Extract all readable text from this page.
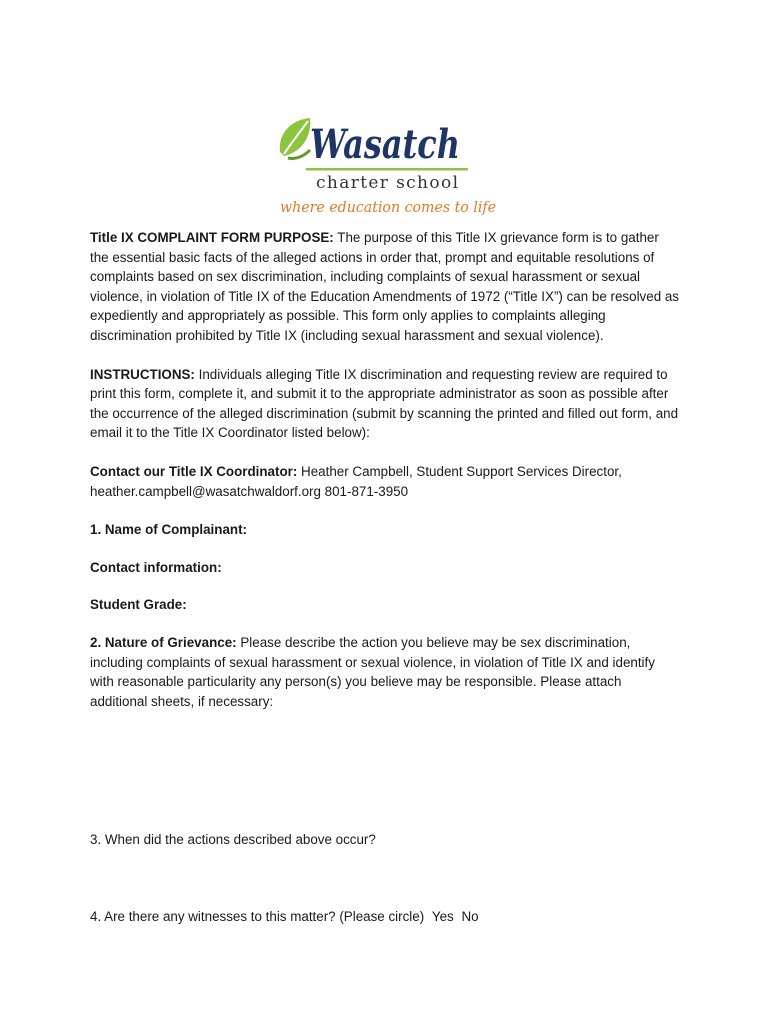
Wasatch
charter school
where education comes to life

Title IX COMPLAINT FORM PURPOSE: The purpose of this Title IX grievance form is to gather the essential basic facts of the alleged actions in order that, prompt and equitable resolutions of complaints based on sex discrimination, including complaints of sexual harassment or sexual violence, in violation of Title IX of the Education Amendments of 1972 (“Title IX”) can be resolved as expediently and appropriately as possible. This form only applies to complaints alleging discrimination prohibited by Title IX (including sexual harassment and sexual violence).

INSTRUCTIONS: Individuals alleging Title IX discrimination and requesting review are required to print this form, complete it, and submit it to the appropriate administrator as soon as possible after the occurrence of the alleged discrimination (submit by scanning the printed and filled out form, and email it to the Title IX Coordinator listed below):

Contact our Title IX Coordinator: Heather Campbell, Student Support Services Director,
heather.campbell@wasatchwaldorf.org 801-871-3950

1. Name of Complainant:

Contact information:

Student Grade:

2. Nature of Grievance: Please describe the action you believe may be sex discrimination, including complaints of sexual harassment or sexual violence, in violation of Title IX and identify with reasonable particularity any person(s) you believe may be responsible. Please attach additional sheets, if necessary:

3. When did the actions described above occur?
4. Are there any witnesses to this matter? (Please circle) Yes No
